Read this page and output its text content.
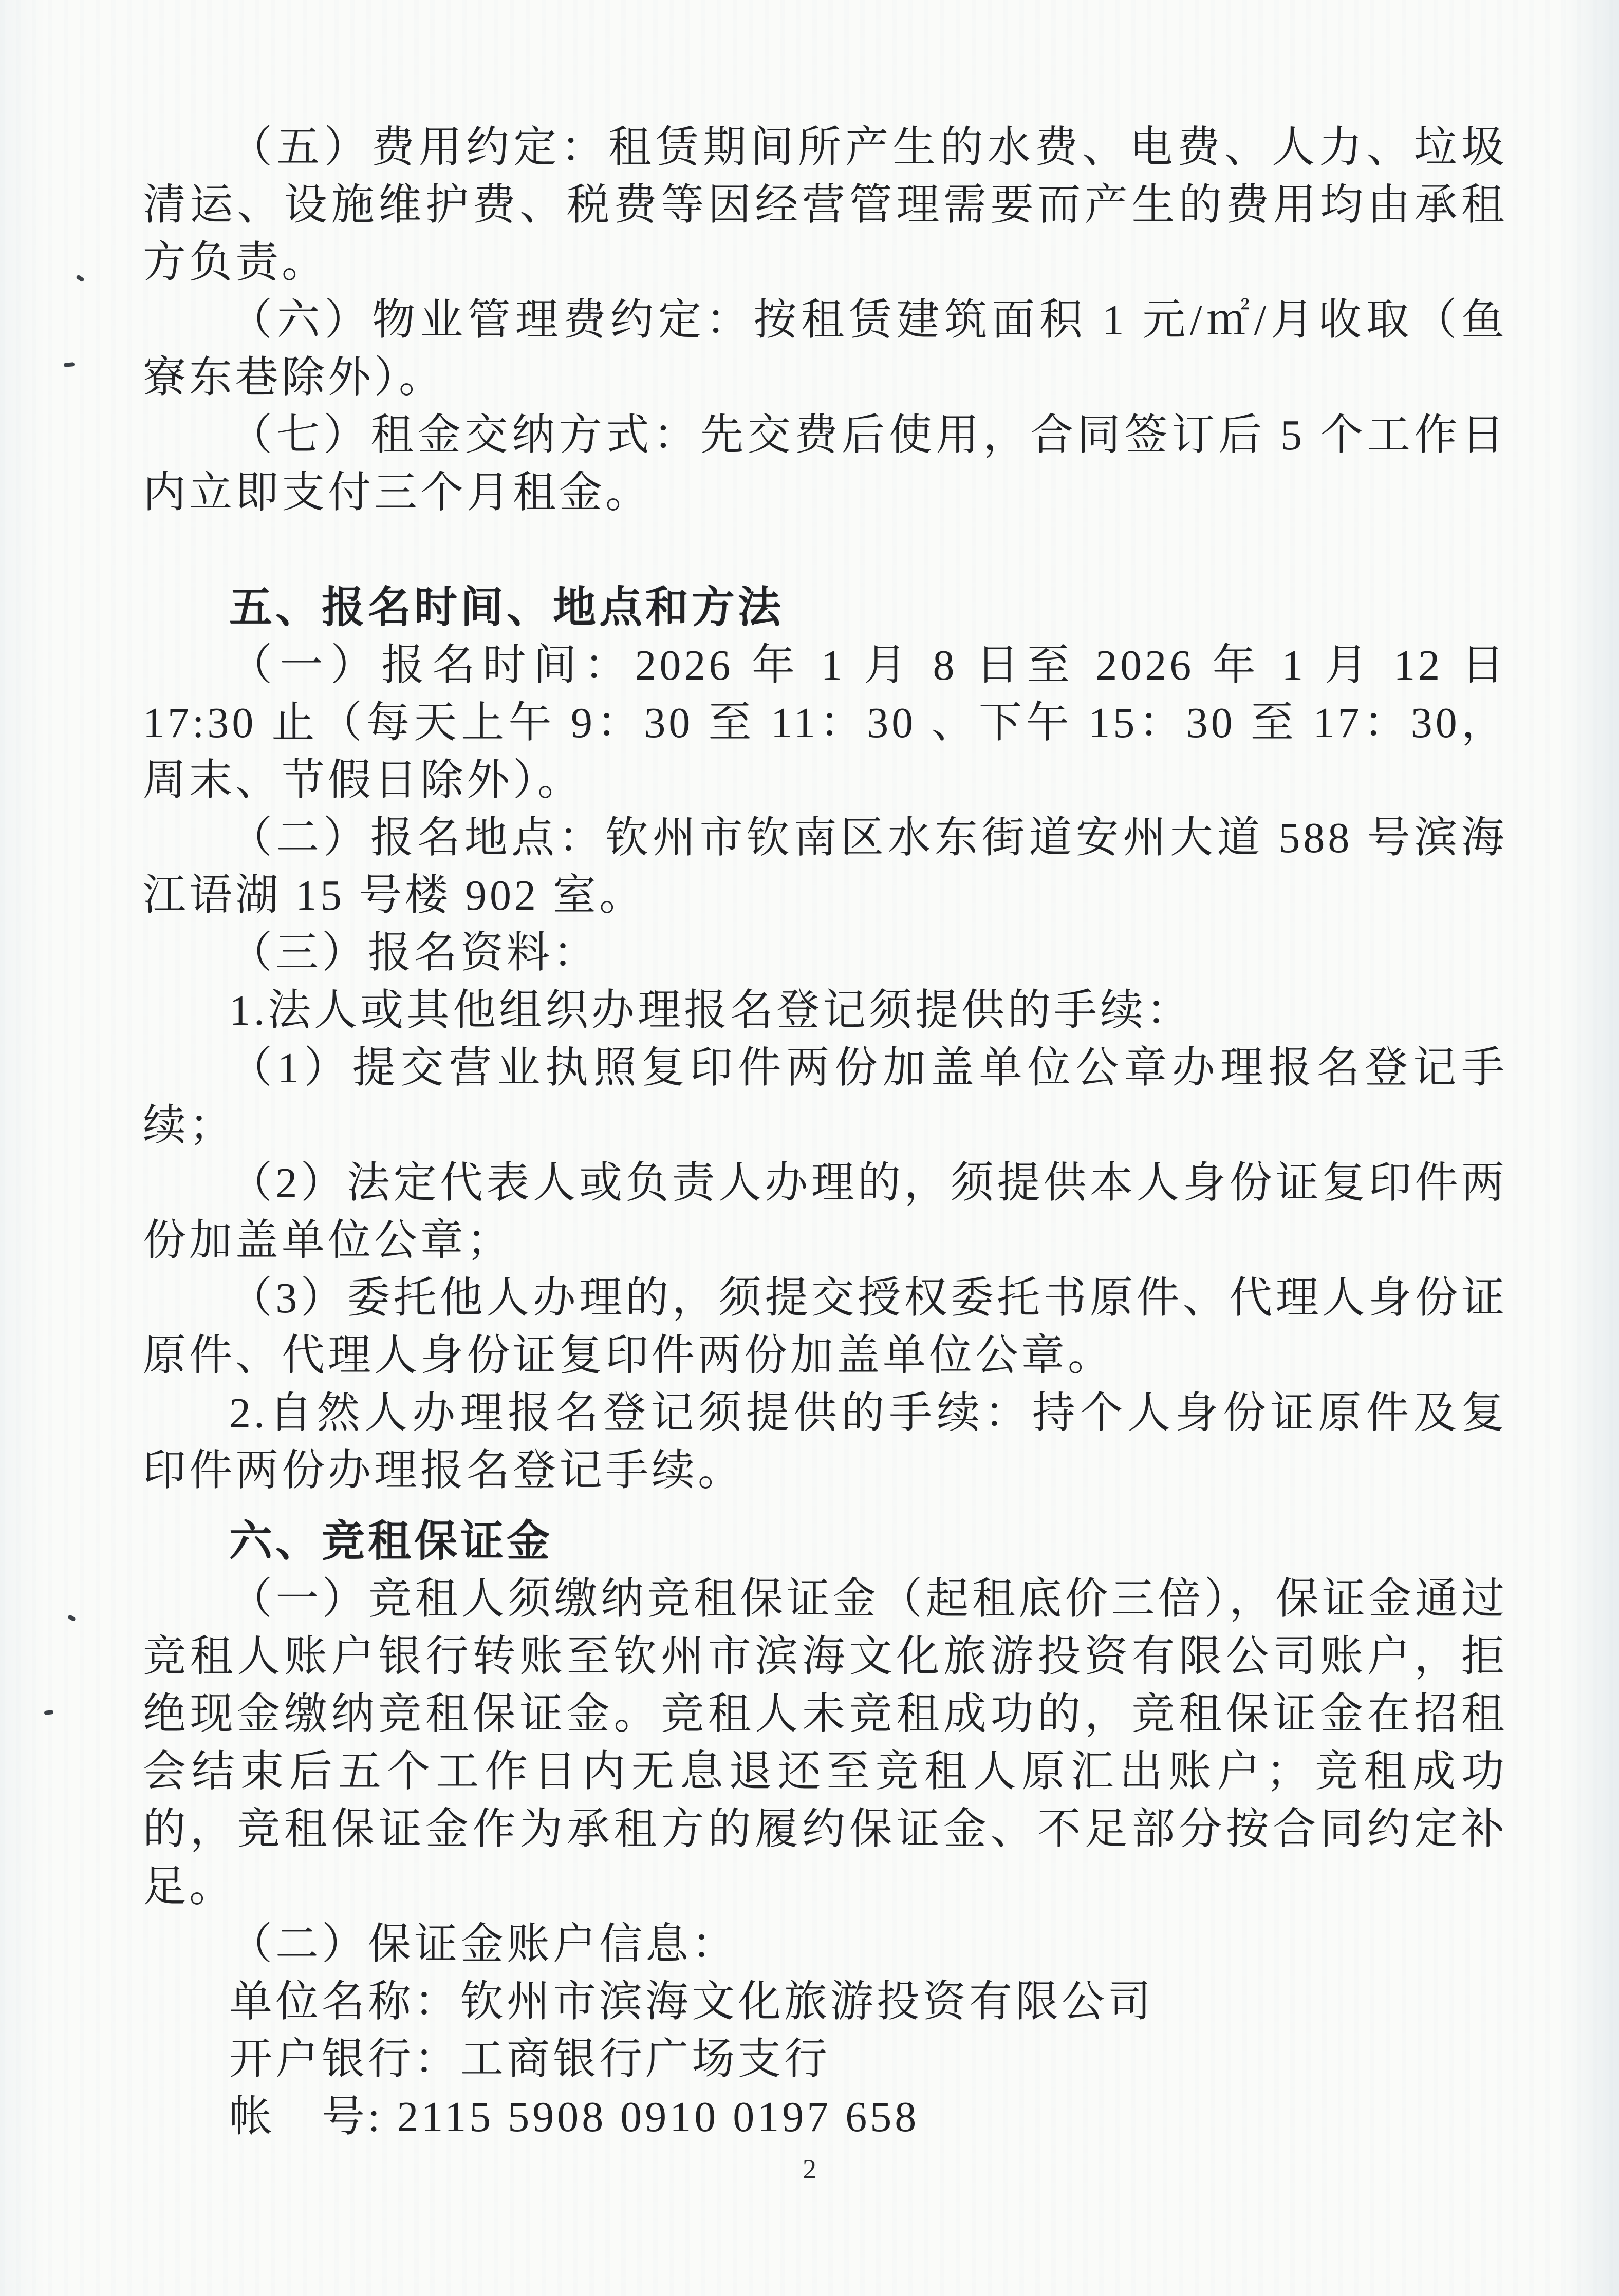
（五）费用约定：租赁期间所产生的水费、电费、人力、垃圾清运、设施维护费、税费等因经营管理需要而产生的费用均由承租方负责。

（六）物业管理费约定：按租赁建筑面积 1 元/㎡/月收取（鱼寮东巷除外）。

（七）租金交纳方式：先交费后使用，合同签订后 5 个工作日内立即支付三个月租金。

五、报名时间、地点和方法

（一）报名时间：2026 年 1 月 8 日至 2026 年 1 月 12 日 17:30 止（每天上午 9：30 至 11：30 、下午 15：30 至 17：30，周末、节假日除外）。

（二）报名地点：钦州市钦南区水东街道安州大道 588 号滨海江语湖 15 号楼 902 室。

（三）报名资料：

1.法人或其他组织办理报名登记须提供的手续：

（1）提交营业执照复印件两份加盖单位公章办理报名登记手续；

（2）法定代表人或负责人办理的，须提供本人身份证复印件两份加盖单位公章；

（3）委托他人办理的，须提交授权委托书原件、代理人身份证原件、代理人身份证复印件两份加盖单位公章。

2.自然人办理报名登记须提供的手续：持个人身份证原件及复印件两份办理报名登记手续。

六、竞租保证金

（一）竞租人须缴纳竞租保证金（起租底价三倍），保证金通过竞租人账户银行转账至钦州市滨海文化旅游投资有限公司账户，拒绝现金缴纳竞租保证金。竞租人未竞租成功的，竞租保证金在招租会结束后五个工作日内无息退还至竞租人原汇出账户；竞租成功的，竞租保证金作为承租方的履约保证金、不足部分按合同约定补足。

（二）保证金账户信息：

单位名称：钦州市滨海文化旅游投资有限公司

开户银行：工商银行广场支行

帐　号: 2115 5908 0910 0197 658

2
